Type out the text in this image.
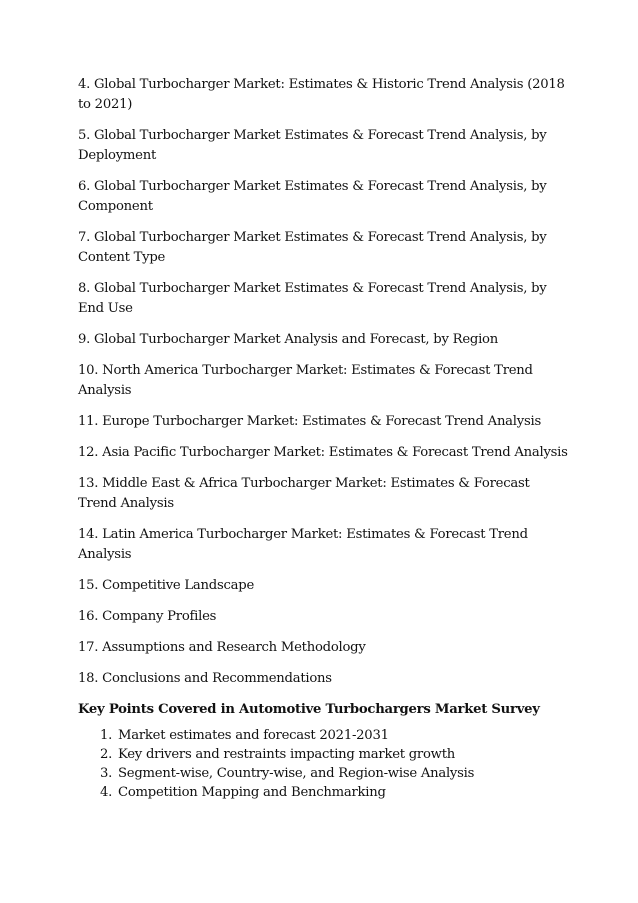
4. Global Turbocharger Market: Estimates & Historic Trend Analysis (2018 to 2021)

5. Global Turbocharger Market Estimates & Forecast Trend Analysis, by Deployment

6. Global Turbocharger Market Estimates & Forecast Trend Analysis, by Component

7. Global Turbocharger Market Estimates & Forecast Trend Analysis, by Content Type

8. Global Turbocharger Market Estimates & Forecast Trend Analysis, by End Use

9. Global Turbocharger Market Analysis and Forecast, by Region

10. North America Turbocharger Market: Estimates & Forecast Trend Analysis

11. Europe Turbocharger Market: Estimates & Forecast Trend Analysis

12. Asia Pacific Turbocharger Market: Estimates & Forecast Trend Analysis

13. Middle East & Africa Turbocharger Market: Estimates & Forecast Trend Analysis

14. Latin America Turbocharger Market: Estimates & Forecast Trend Analysis

15. Competitive Landscape

16. Company Profiles

17. Assumptions and Research Methodology

18. Conclusions and Recommendations

Key Points Covered in Automotive Turbochargers Market Survey

1. Market estimates and forecast 2021-2031
2. Key drivers and restraints impacting market growth
3. Segment-wise, Country-wise, and Region-wise Analysis
4. Competition Mapping and Benchmarking
